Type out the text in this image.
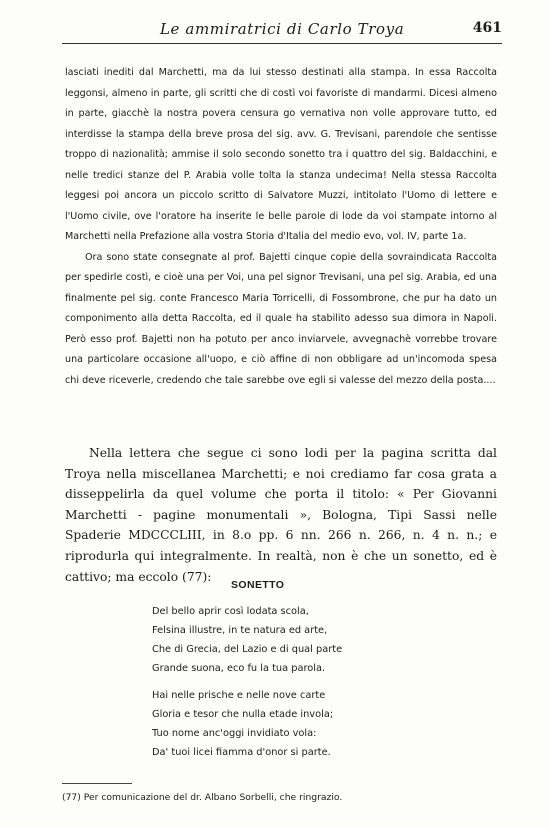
Le ammiratrici di Carlo Troya	461

lasciati inediti dal Marchetti, ma da lui stesso destinati alla stampa. In essa Raccolta leggonsi, almeno in parte, gli scritti che di costì voi favoriste di mandarmi. Dicesi almeno in parte, giacchè la nostra povera censura go vernativa non volle approvare tutto, ed interdisse la stampa della breve prosa del sig. avv. G. Trevisani, parendole che sentisse troppo di nazionalità; ammise il solo secondo sonetto tra i quattro del sig. Baldacchini, e nelle tredici stanze del P. Arabia volle tolta la stanza undecima! Nella stessa Raccolta leggesi poi ancora un piccolo scritto di Salvatore Muzzi, intitolato l'Uomo di lettere e l'Uomo civile, ove l'oratore ha inserite le belle parole di lode da voi stampate intorno al Marchetti nella Prefazione alla vostra Storia d'Italia del medio evo, vol. IV, parte 1a.

Ora sono state consegnate al prof. Bajetti cinque copie della sovraindicata Raccolta per spedirle costì, e cioè una per Voi, una pel signor Trevisani, una pel sig. Arabia, ed una finalmente pel sig. conte Francesco Maria Torricelli, di Fossombrone, che pur ha dato un componimento alla detta Raccolta, ed il quale ha stabilito adesso sua dimora in Napoli. Però esso prof. Bajetti non ha potuto per anco inviarvele, avvegnachè vorrebbe trovare una particolare occasione all'uopo, e ciò affine di non obbligare ad un'incomoda spesa chi deve riceverle, credendo che tale sarebbe ove egli si valesse del mezzo della posta....

Nella lettera che segue ci sono lodi per la pagina scritta dal Troya nella miscellanea Marchetti; e noi crediamo far cosa grata a disseppelirla da quel volume che porta il titolo: « Per Giovanni Marchetti - pagine monumentali », Bologna, Tipi Sassi nelle Spaderie MDCCCLIII, in 8.o pp. 6 nn. 266 n. 266, n. 4 n. n.; e riprodurla qui integralmente. In realtà, non è che un sonetto, ed è cattivo; ma eccolo (77):

SONETTO
Del bello aprir così lodata scola,
Felsina illustre, in te natura ed arte,
Che di Grecia, del Lazio e di qual parte
Grande suona, eco fu la tua parola.
Hai nelle prische e nelle nove carte
Gloria e tesor che nulla etade invola;
Tuo nome anc'oggi invidiato vola:
Da' tuoi licei fiamma d'onor si parte.
(77) Per comunicazione del dr. Albano Sorbelli, che ringrazio.
